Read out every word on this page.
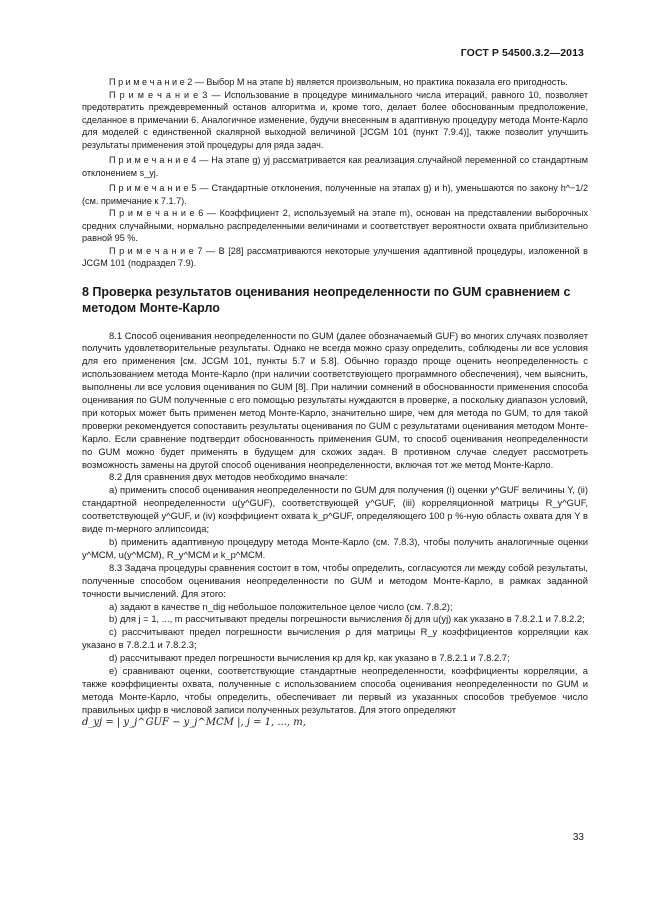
ГОСТ Р 54500.3.2—2013

П р и м е ч а н и е 2 — Выбор M на этапе b) является произвольным, но практика показала его пригодность.

П р и м е ч а н и е 3 — Использование в процедуре минимального числа итераций, равного 10, позволяет предотвратить преждевременный останов алгоритма и, кроме того, делает более обоснованным предположение, сделанное в примечании 6. Аналогичное изменение, будучи внесенным в адаптивную процедуру метода Монте-Карло для моделей с единственной скалярной выходной величиной [JCGM 101 (пункт 7.9.4)], также позволит улучшить результаты применения этой процедуры для ряда задач.

П р и м е ч а н и е 4 — На этапе g) yj рассматривается как реализация случайной переменной со стандартным отклонением s_yj.

П р и м е ч а н и е 5 — Стандартные отклонения, полученные на этапах g) и h), уменьшаются по закону h^−1/2 (см. примечание к 7.1.7).

П р и м е ч а н и е 6 — Коэффициент 2, используемый на этапе m), основан на представлении выборочных средних случайными, нормально распределенными величинами и соответствует вероятности охвата приблизительно равной 95 %.

П р и м е ч а н и е 7 — В [28] рассматриваются некоторые улучшения адаптивной процедуры, изложенной в JCGM 101 (подраздел 7.9).

8 Проверка результатов оценивания неопределенности по GUM сравнением с методом Монте-Карло

8.1 Способ оценивания неопределенности по GUM (далее обозначаемый GUF) во многих случаях позволяет получить удовлетворительные результаты. Однако не всегда можно сразу определить, соблюдены ли все условия для его применения [см. JCGM 101, пункты 5.7 и 5.8]. Обычно гораздо проще оценить неопределенность с использованием метода Монте-Карло (при наличии соответствующего программного обеспечения), чем выяснить, выполнены ли все условия оценивания по GUM [8]. При наличии сомнений в обоснованности применения способа оценивания по GUM полученные с его помощью результаты нуждаются в проверке, а поскольку диапазон условий, при которых может быть применен метод Монте-Карло, значительно шире, чем для метода по GUM, то для такой проверки рекомендуется сопоставить результаты оценивания по GUM с результатами оценивания методом Монте-Карло. Если сравнение подтвердит обоснованность применения GUM, то способ оценивания неопределенности по GUM можно будет применять в будущем для схожих задач. В противном случае следует рассмотреть возможность замены на другой способ оценивания неопределенности, включая тот же метод Монте-Карло.

8.2 Для сравнения двух методов необходимо вначале:

a) применить способ оценивания неопределенности по GUM для получения (i) оценки y^GUF величины Y, (ii) стандартной неопределенности u(y^GUF), соответствующей y^GUF, (iii) корреляционной матрицы R_y^GUF, соответствующей y^GUF, и (iv) коэффициент охвата k_p^GUF, определяющего 100 p %-ную область охвата для Y в виде m-мерного эллипсоида;

b) применить адаптивную процедуру метода Монте-Карло (см. 7.8.3), чтобы получить аналогичные оценки y^MCM, u(y^MCM), R_y^MCM и k_p^MCM.

8.3 Задача процедуры сравнения состоит в том, чтобы определить, согласуются ли между собой результаты, полученные способом оценивания неопределенности по GUM и методом Монте-Карло, в рамках заданной точности вычислений. Для этого:

a) задают в качестве n_dig небольшое положительное целое число (см. 7.8.2);

b) для j = 1, ..., m рассчитывают пределы погрешности вычисления δj для u(yj) как указано в 7.8.2.1 и 7.8.2.2;

c) рассчитывают предел погрешности вычисления ρ для матрицы R_y коэффициентов корреляции как указано в 7.8.2.1 и 7.8.2.3;

d) рассчитывают предел погрешности вычисления κp для kp, как указано в 7.8.2.1 и 7.8.2.7;

e) сравнивают оценки, соответствующие стандартные неопределенности, коэффициенты корреляции, а также коэффициенты охвата, полученные с использованием способа оценивания неопределенности по GUM и метода Монте-Карло, чтобы определить, обеспечивает ли первый из указанных способов требуемое число правильных цифр в числовой записи полученных результатов. Для этого определяют

d_yj = | y_j^GUF − y_j^MCM |, j = 1, ..., m,

33
